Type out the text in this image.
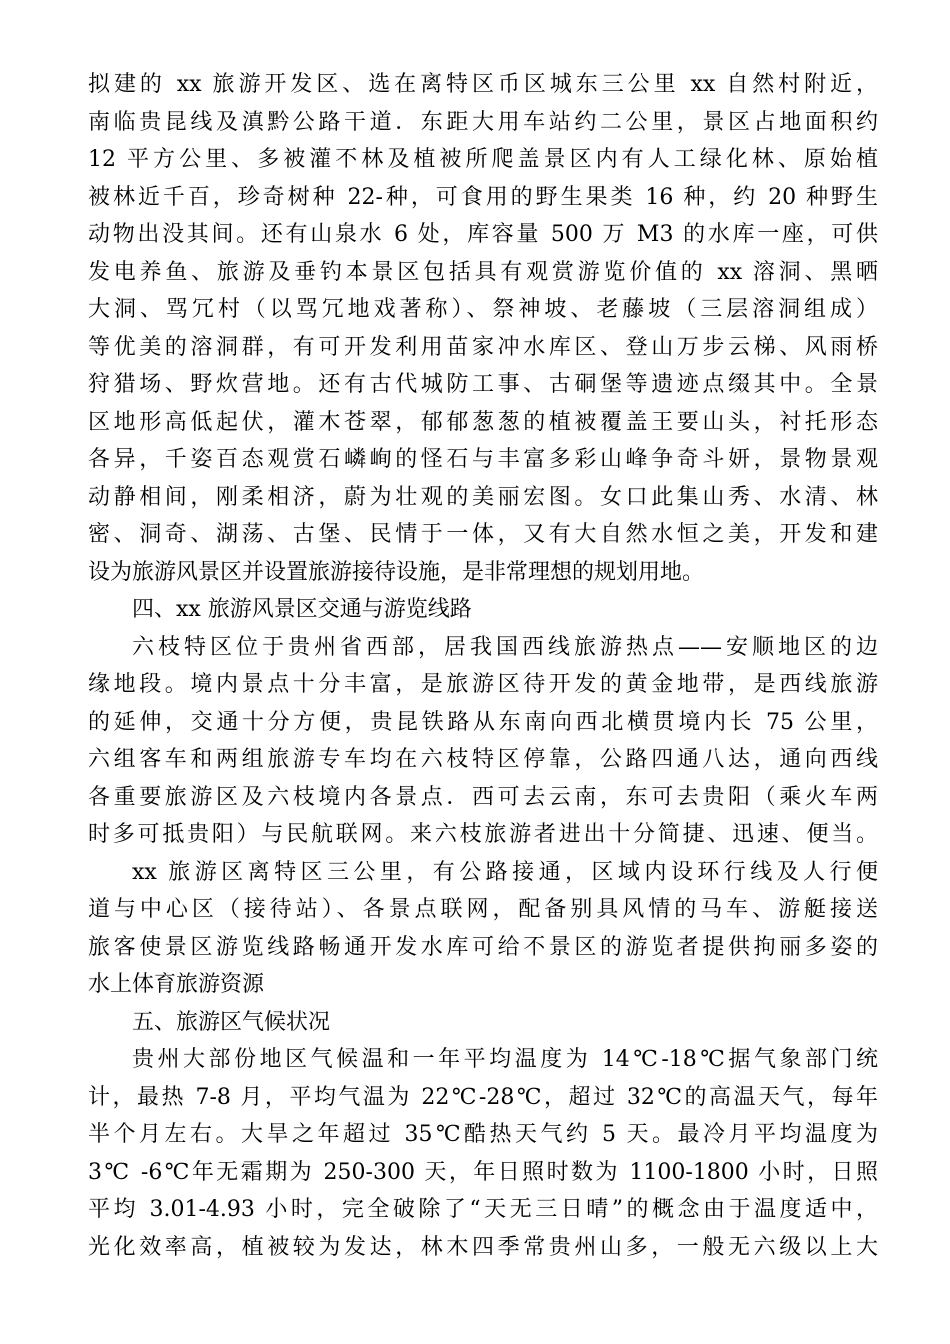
拟建的 xx 旅游开发区、选在离特区币区城东三公里 xx 自然村附近，
南临贵昆线及滇黔公路干道．东距大用车站约二公里，景区占地面积约
12 平方公里、多被灌不林及植被所爬盖景区内有人工绿化林、原始植
被林近千百，珍奇树种 22-种，可食用的野生果类 16 种，约 20 种野生
动物出没其间。还有山泉水 6 处，库容量 500 万 M3 的水库一座，可供
发电养鱼、旅游及垂钓本景区包括具有观赏游览价值的 xx 溶洞、黑晒
大洞、骂冗村（以骂冗地戏著称）、祭神坡、老藤坡（三层溶洞组成）
等优美的溶洞群，有可开发利用苗家冲水库区、登山万步云梯、风雨桥
狩猎场、野炊营地。还有古代城防工事、古硐堡等遗迹点缀其中。全景
区地形高低起伏，灌木苍翠，郁郁葱葱的植被覆盖王要山头，衬托形态
各异，千姿百态观赏石嶙峋的怪石与丰富多彩山峰争奇斗妍，景物景观
动静相间，刚柔相济，蔚为壮观的美丽宏图。女口此集山秀、水清、林
密、洞奇、湖荡、古堡、民情于一体，又有大自然水恒之美，开发和建
设为旅游风景区并设置旅游接待设施，是非常理想的规划用地。
四、xx 旅游风景区交通与游览线路
六枝特区位于贵州省西部，居我国西线旅游热点——安顺地区的边
缘地段。境内景点十分丰富，是旅游区待开发的黄金地带，是西线旅游
的延伸，交通十分方便，贵昆铁路从东南向西北横贯境内长 75 公里，
六组客车和两组旅游专车均在六枝特区停靠，公路四通八达，通向西线
各重要旅游区及六枝境内各景点．西可去云南，东可去贵阳（乘火车两
时多可抵贵阳）与民航联网。来六枝旅游者进出十分简捷、迅速、便当。
xx 旅游区离特区三公里，有公路接通，区域内设环行线及人行便
道与中心区（接待站）、各景点联网，配备别具风情的马车、游艇接送
旅客使景区游览线路畅通开发水库可给不景区的游览者提供拘丽多姿的
水上体育旅游资源
五、旅游区气候状况
贵州大部份地区气候温和一年平均温度为 14℃-18℃据气象部门统
计，最热 7-8 月，平均气温为 22℃-28℃，超过 32℃的高温天气，每年
半个月左右。大旱之年超过 35℃酷热天气约 5 天。最冷月平均温度为
3℃ -6℃年无霜期为 250-300 天，年日照时数为 1100-1800 小时，日照
平均 3.01-4.93 小时，完全破除了“天无三日晴”的概念由于温度适中，
光化效率高，植被较为发达，林木四季常贵州山多，一般无六级以上大
